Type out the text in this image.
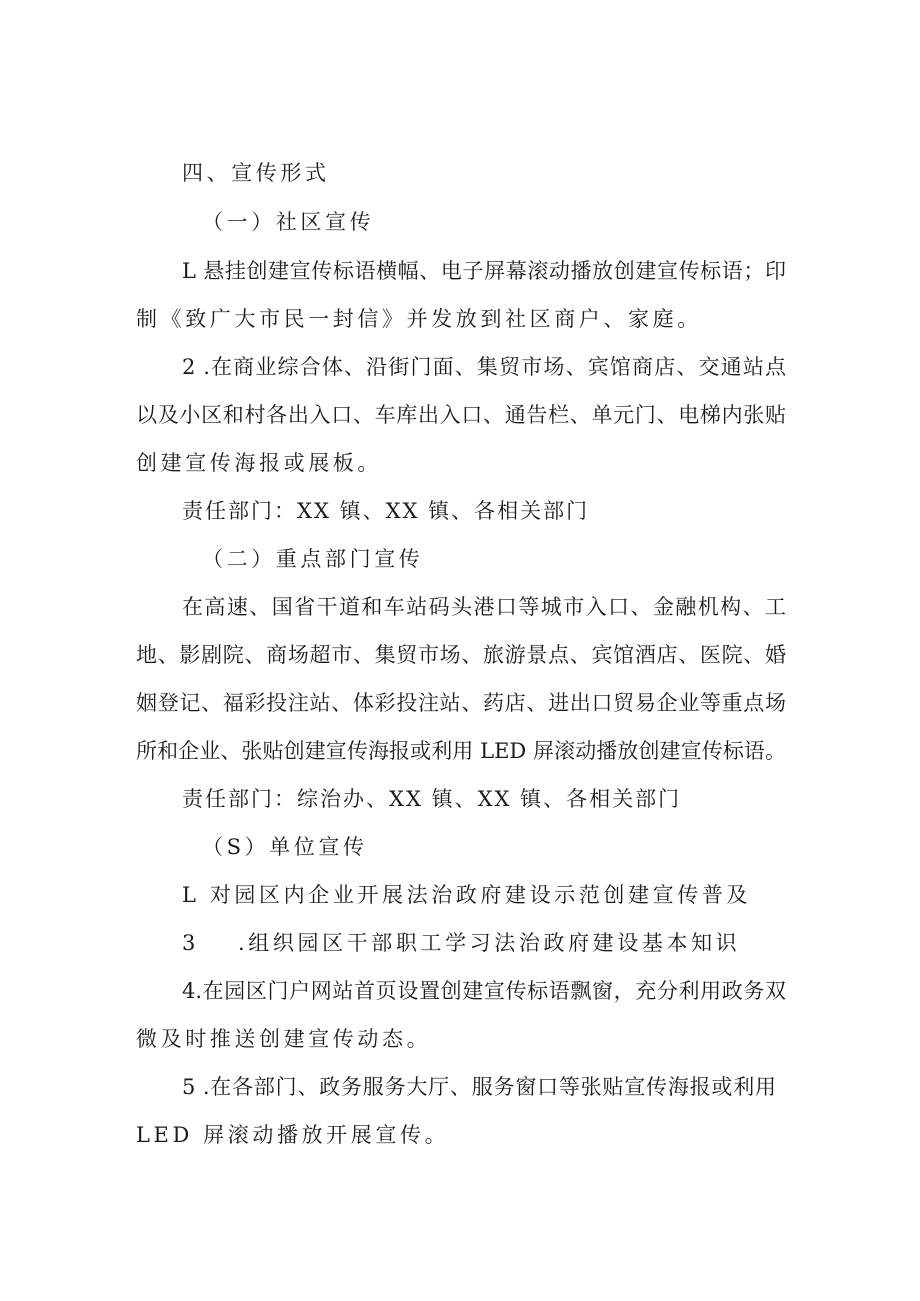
四、宣传形式
（一）社区宣传
L 悬挂创建宣传标语横幅、电子屏幕滚动播放创建宣传标语；印
制《致广大市民一封信》并发放到社区商户、家庭。
2 .在商业综合体、沿街门面、集贸市场、宾馆商店、交通站点
以及小区和村各出入口、车库出入口、通告栏、单元门、电梯内张贴
创建宣传海报或展板。
责任部门：XX 镇、XX 镇、各相关部门
（二）重点部门宣传
在高速、国省干道和车站码头港口等城市入口、金融机构、工
地、影剧院、商场超市、集贸市场、旅游景点、宾馆酒店、医院、婚
姻登记、福彩投注站、体彩投注站、药店、进出口贸易企业等重点场
所和企业、张贴创建宣传海报或利用 LED 屏滚动播放创建宣传标语。
责任部门：综治办、XX 镇、XX 镇、各相关部门
（S）单位宣传
L 对园区内企业开展法治政府建设示范创建宣传普及
3 .组织园区干部职工学习法治政府建设基本知识
4.在园区门户网站首页设置创建宣传标语飘窗，充分利用政务双
微及时推送创建宣传动态。
5 .在各部门、政务服务大厅、服务窗口等张贴宣传海报或利用
LED 屏滚动播放开展宣传。
